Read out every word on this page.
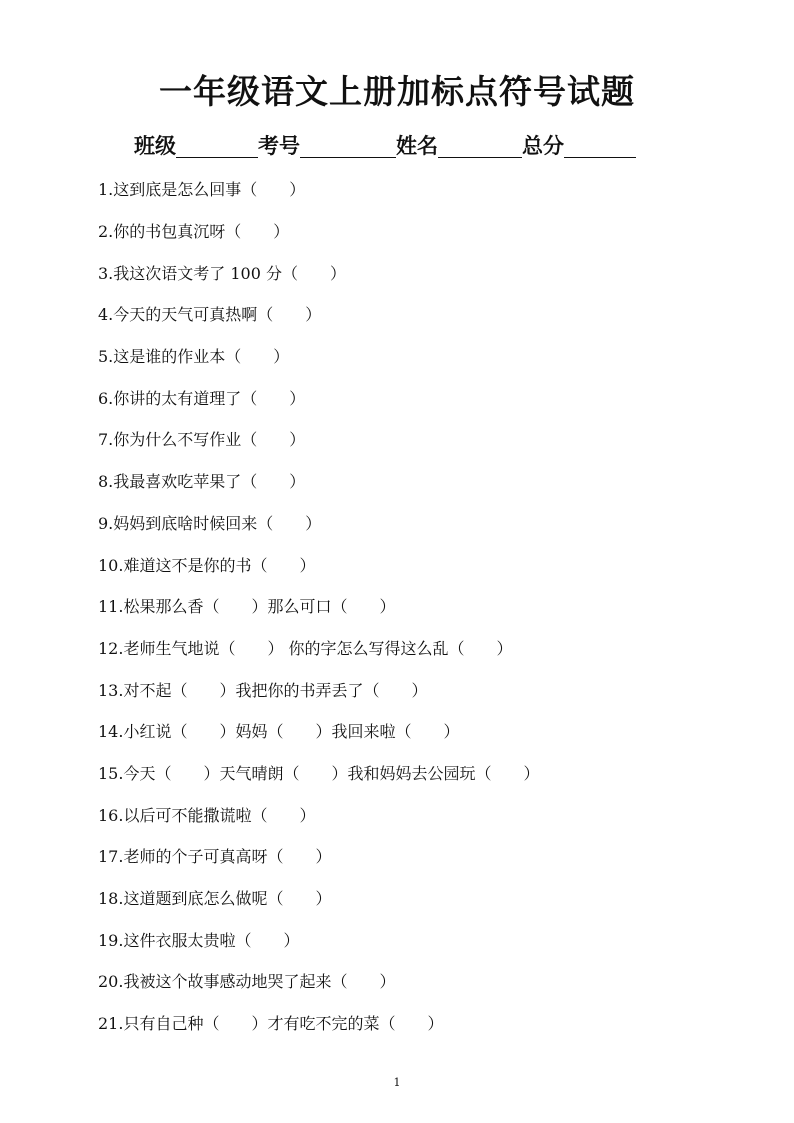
一年级语文上册加标点符号试题
班级	考号	姓名	总分
1.这到底是怎么回事（　　）
2.你的书包真沉呀（　　）
3.我这次语文考了 100 分（　　）
4.今天的天气可真热啊（　　）
5.这是谁的作业本（　　）
6.你讲的太有道理了（　　）
7.你为什么不写作业（　　）
8.我最喜欢吃苹果了（　　）
9.妈妈到底啥时候回来（　　）
10.难道这不是你的书（　　）
11.松果那么香（　　）那么可口（　　）
12.老师生气地说（　　） 你的字怎么写得这么乱（　　）
13.对不起（　　）我把你的书弄丢了（　　）
14.小红说（　　）妈妈（　　）我回来啦（　　）
15.今天（　　）天气晴朗（　　）我和妈妈去公园玩（　　）
16.以后可不能撒谎啦（　　）
17.老师的个子可真高呀（　　）
18.这道题到底怎么做呢（　　）
19.这件衣服太贵啦（　　）
20.我被这个故事感动地哭了起来（　　）
21.只有自己种（　　）才有吃不完的菜（　　）
1
